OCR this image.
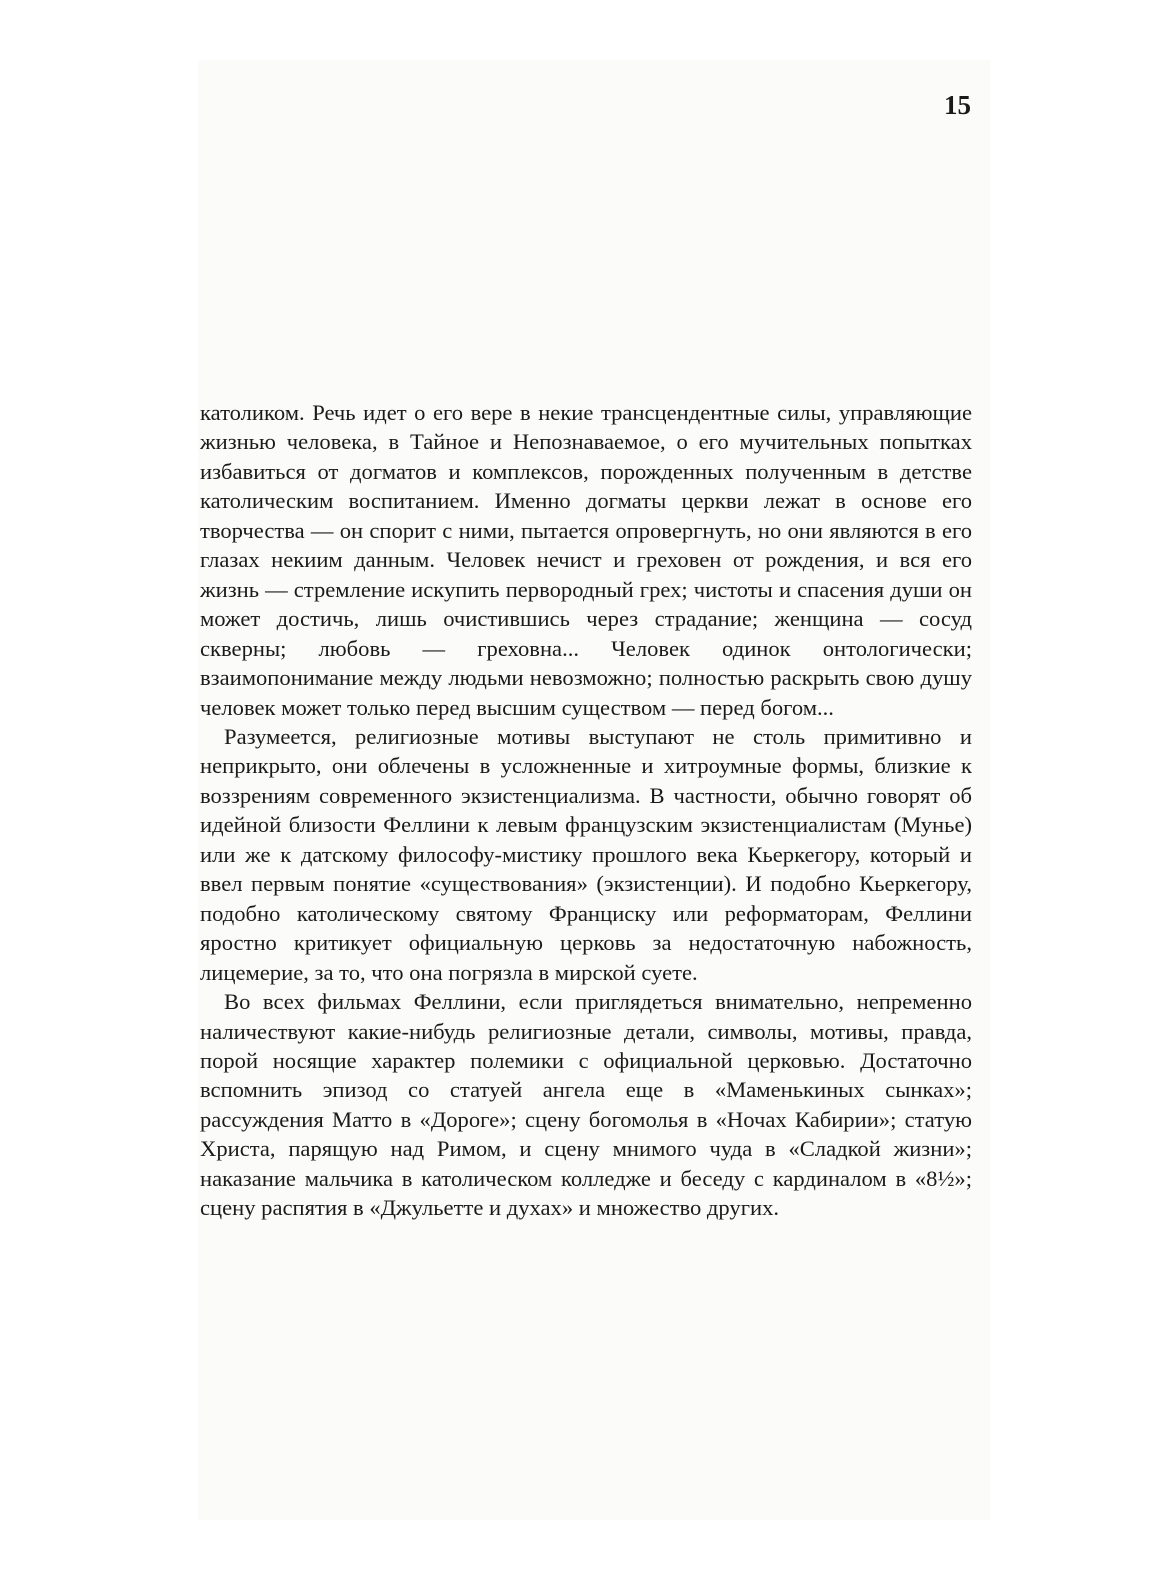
15

католиком. Речь идет о его вере в некие трансцендентные силы, управляющие жизнью человека, в Тайное и Непознаваемое, о его мучительных попытках избавиться от догматов и комплексов, порожденных полученным в детстве католическим воспитанием. Именно догматы церкви лежат в основе его творчества — он спорит с ними, пытается опровергнуть, но они являются в его глазах некиим данным. Человек нечист и греховен от рождения, и вся его жизнь — стремление искупить первородный грех; чистоты и спасения души он может достичь, лишь очистившись через страдание; женщина — сосуд скверны; любовь — греховна... Человек одинок онтологически; взаимопонимание между людьми невозможно; полностью раскрыть свою душу человек может только перед высшим существом — перед богом...

Разумеется, религиозные мотивы выступают не столь примитивно и неприкрыто, они облечены в усложненные и хитроумные формы, близкие к воззрениям современного экзистенциализма. В частности, обычно говорят об идейной близости Феллини к левым французским экзистенциалистам (Мунье) или же к датскому философу-мистику прошлого века Кьеркегору, который и ввел первым понятие «существования» (экзистенции). И подобно Кьеркегору, подобно католическому святому Франциску или реформаторам, Феллини яростно критикует официальную церковь за недостаточную набожность, лицемерие, за то, что она погрязла в мирской суете.

Во всех фильмах Феллини, если приглядеться внимательно, непременно наличествуют какие-нибудь религиозные детали, символы, мотивы, правда, порой носящие характер полемики с официальной церковью. Достаточно вспомнить эпизод со статуей ангела еще в «Маменькиных сынках»; рассуждения Матто в «Дороге»; сцену богомолья в «Ночах Кабирии»; статую Христа, парящую над Римом, и сцену мнимого чуда в «Сладкой жизни»; наказание мальчика в католическом колледже и беседу с кардиналом в «8½»; сцену распятия в «Джульетте и духах» и множество других.
